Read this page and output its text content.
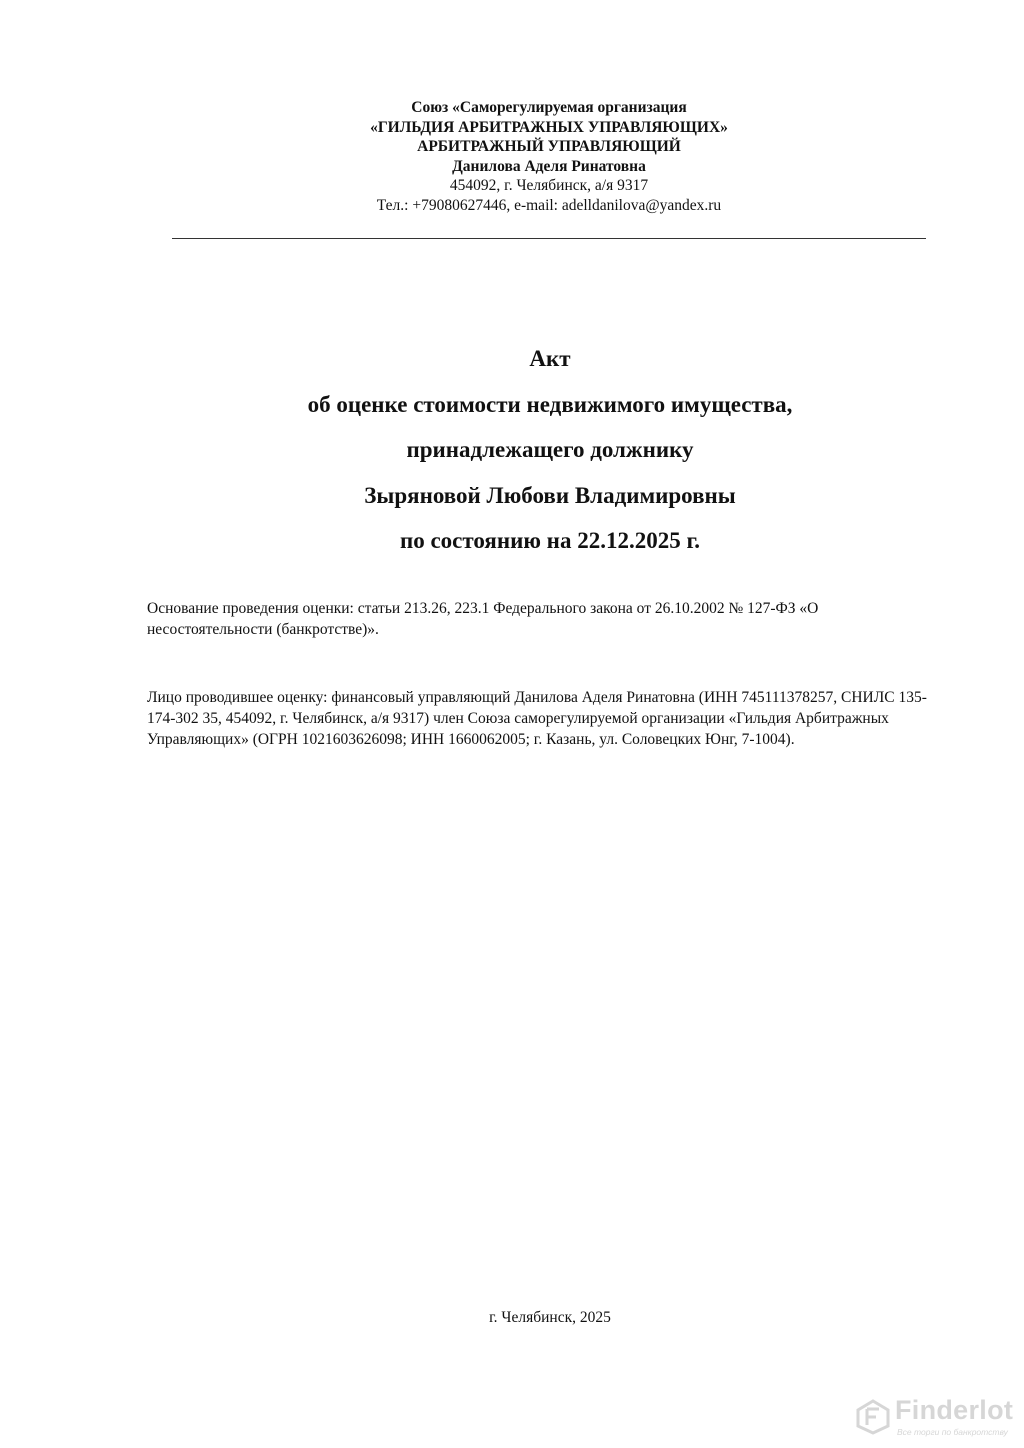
Союз «Саморегулируемая организация
«ГИЛЬДИЯ АРБИТРАЖНЫХ УПРАВЛЯЮЩИХ»
АРБИТРАЖНЫЙ УПРАВЛЯЮЩИЙ
Данилова Аделя Ринатовна
454092, г. Челябинск, а/я 9317
Тел.: +79080627446, e-mail: adelldanilova@yandex.ru
Акт
об оценке стоимости недвижимого имущества,
принадлежащего должнику
Зыряновой Любови Владимировны
по состоянию на 22.12.2025 г.
Основание проведения оценки: статьи 213.26, 223.1 Федерального закона от 26.10.2002 № 127-ФЗ «О несостоятельности (банкротстве)».
Лицо проводившее оценку: финансовый управляющий Данилова Аделя Ринатовна (ИНН 745111378257, СНИЛС 135-174-302 35, 454092, г. Челябинск, а/я 9317) член Союза саморегулируемой организации «Гильдия Арбитражных Управляющих» (ОГРН 1021603626098; ИНН 1660062005; г. Казань, ул. Соловецких Юнг, 7-1004).
г. Челябинск, 2025
Finderlot
Все торги по банкротству
